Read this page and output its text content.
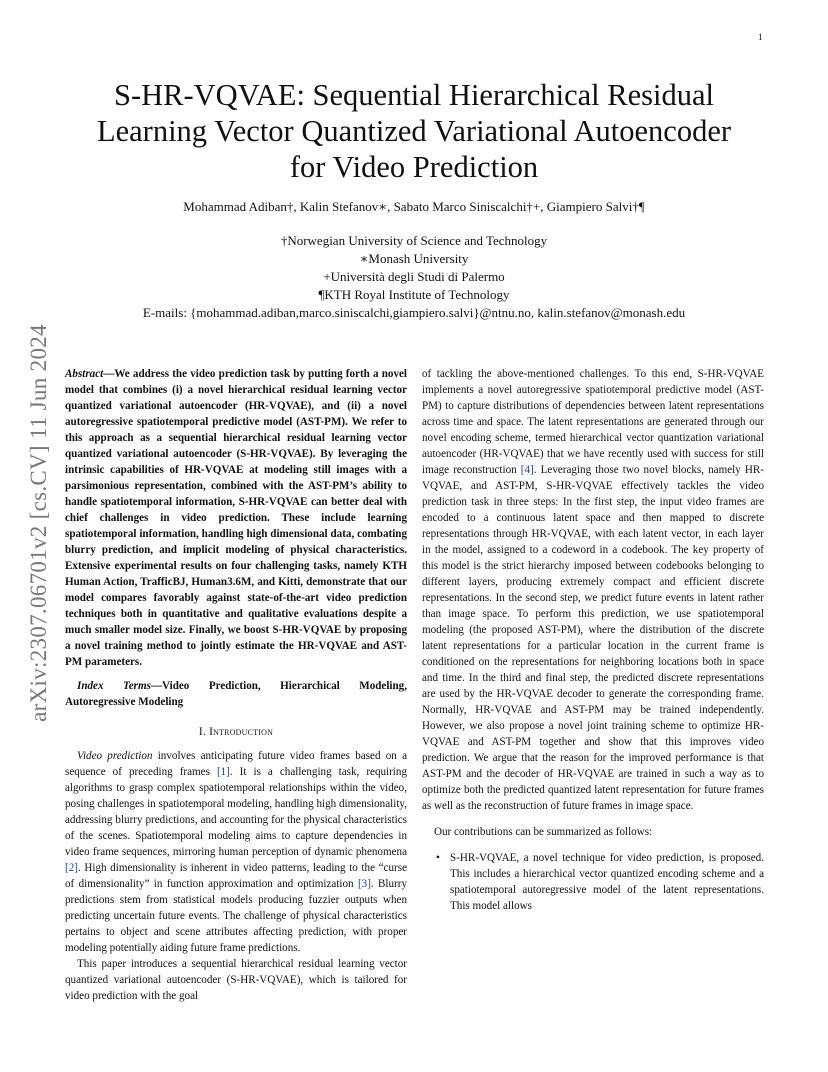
1
arXiv:2307.06701v2 [cs.CV] 11 Jun 2024
S-HR-VQVAE: Sequential Hierarchical Residual
Learning Vector Quantized Variational Autoencoder
for Video Prediction
Mohammad Adiban†, Kalin Stefanov∗, Sabato Marco Siniscalchi†+, Giampiero Salvi†¶
†Norwegian University of Science and Technology
∗Monash University
+Università degli Studi di Palermo
¶KTH Royal Institute of Technology
E-mails: {mohammad.adiban,marco.siniscalchi,giampiero.salvi}@ntnu.no, kalin.stefanov@monash.edu

Abstract—We address the video prediction task by putting forth a novel model that combines (i) a novel hierarchical residual learning vector quantized variational autoencoder (HR-VQVAE), and (ii) a novel autoregressive spatiotemporal predictive model (AST-PM). We refer to this approach as a sequential hierarchical residual learning vector quantized variational autoencoder (S-HR-VQVAE). By leveraging the intrinsic capabilities of HR-VQVAE at modeling still images with a parsimonious representation, combined with the AST-PM’s ability to handle spatiotemporal information, S-HR-VQVAE can better deal with chief challenges in video prediction. These include learning spatiotemporal information, handling high dimensional data, combating blurry prediction, and implicit modeling of physical characteristics. Extensive experimental results on four challenging tasks, namely KTH Human Action, TrafficBJ, Human3.6M, and Kitti, demonstrate that our model compares favorably against state-of-the-art video prediction techniques both in quantitative and qualitative evaluations despite a much smaller model size. Finally, we boost S-HR-VQVAE by proposing a novel training method to jointly estimate the HR-VQVAE and AST-PM parameters.

Index Terms—Video Prediction, Hierarchical Modeling, Autoregressive Modeling

I. Introduction

Video prediction involves anticipating future video frames based on a sequence of preceding frames [1]. It is a challenging task, requiring algorithms to grasp complex spatiotemporal relationships within the video, posing challenges in spatiotemporal modeling, handling high dimensionality, addressing blurry predictions, and accounting for the physical characteristics of the scenes. Spatiotemporal modeling aims to capture dependencies in video frame sequences, mirroring human perception of dynamic phenomena [2]. High dimensionality is inherent in video patterns, leading to the “curse of dimensionality” in function approximation and optimization [3]. Blurry predictions stem from statistical models producing fuzzier outputs when predicting uncertain future events. The challenge of physical characteristics pertains to object and scene attributes affecting prediction, with proper modeling potentially aiding future frame predictions.

This paper introduces a sequential hierarchical residual learning vector quantized variational autoencoder (S-HR-VQVAE), which is tailored for video prediction with the goal

of tackling the above-mentioned challenges. To this end, S-HR-VQVAE implements a novel autoregressive spatiotemporal predictive model (AST-PM) to capture distributions of dependencies between latent representations across time and space. The latent representations are generated through our novel encoding scheme, termed hierarchical vector quantization variational autoencoder (HR-VQVAE) that we have recently used with success for still image reconstruction [4]. Leveraging those two novel blocks, namely HR-VQVAE, and AST-PM, S-HR-VQVAE effectively tackles the video prediction task in three steps: In the first step, the input video frames are encoded to a continuous latent space and then mapped to discrete representations through HR-VQVAE, with each latent vector, in each layer in the model, assigned to a codeword in a codebook. The key property of this model is the strict hierarchy imposed between codebooks belonging to different layers, producing extremely compact and efficient discrete representations. In the second step, we predict future events in latent rather than image space. To perform this prediction, we use spatiotemporal modeling (the proposed AST-PM), where the distribution of the discrete latent representations for a particular location in the current frame is conditioned on the representations for neighboring locations both in space and time. In the third and final step, the predicted discrete representations are used by the HR-VQVAE decoder to generate the corresponding frame. Normally, HR-VQVAE and AST-PM may be trained independently. However, we also propose a novel joint training scheme to optimize HR-VQVAE and AST-PM together and show that this improves video prediction. We argue that the reason for the improved performance is that AST-PM and the decoder of HR-VQVAE are trained in such a way as to optimize both the predicted quantized latent representation for future frames as well as the reconstruction of future frames in image space.

Our contributions can be summarized as follows:

• S-HR-VQVAE, a novel technique for video prediction, is proposed. This includes a hierarchical vector quantized encoding scheme and a spatiotemporal autoregressive model of the latent representations. This model allows
